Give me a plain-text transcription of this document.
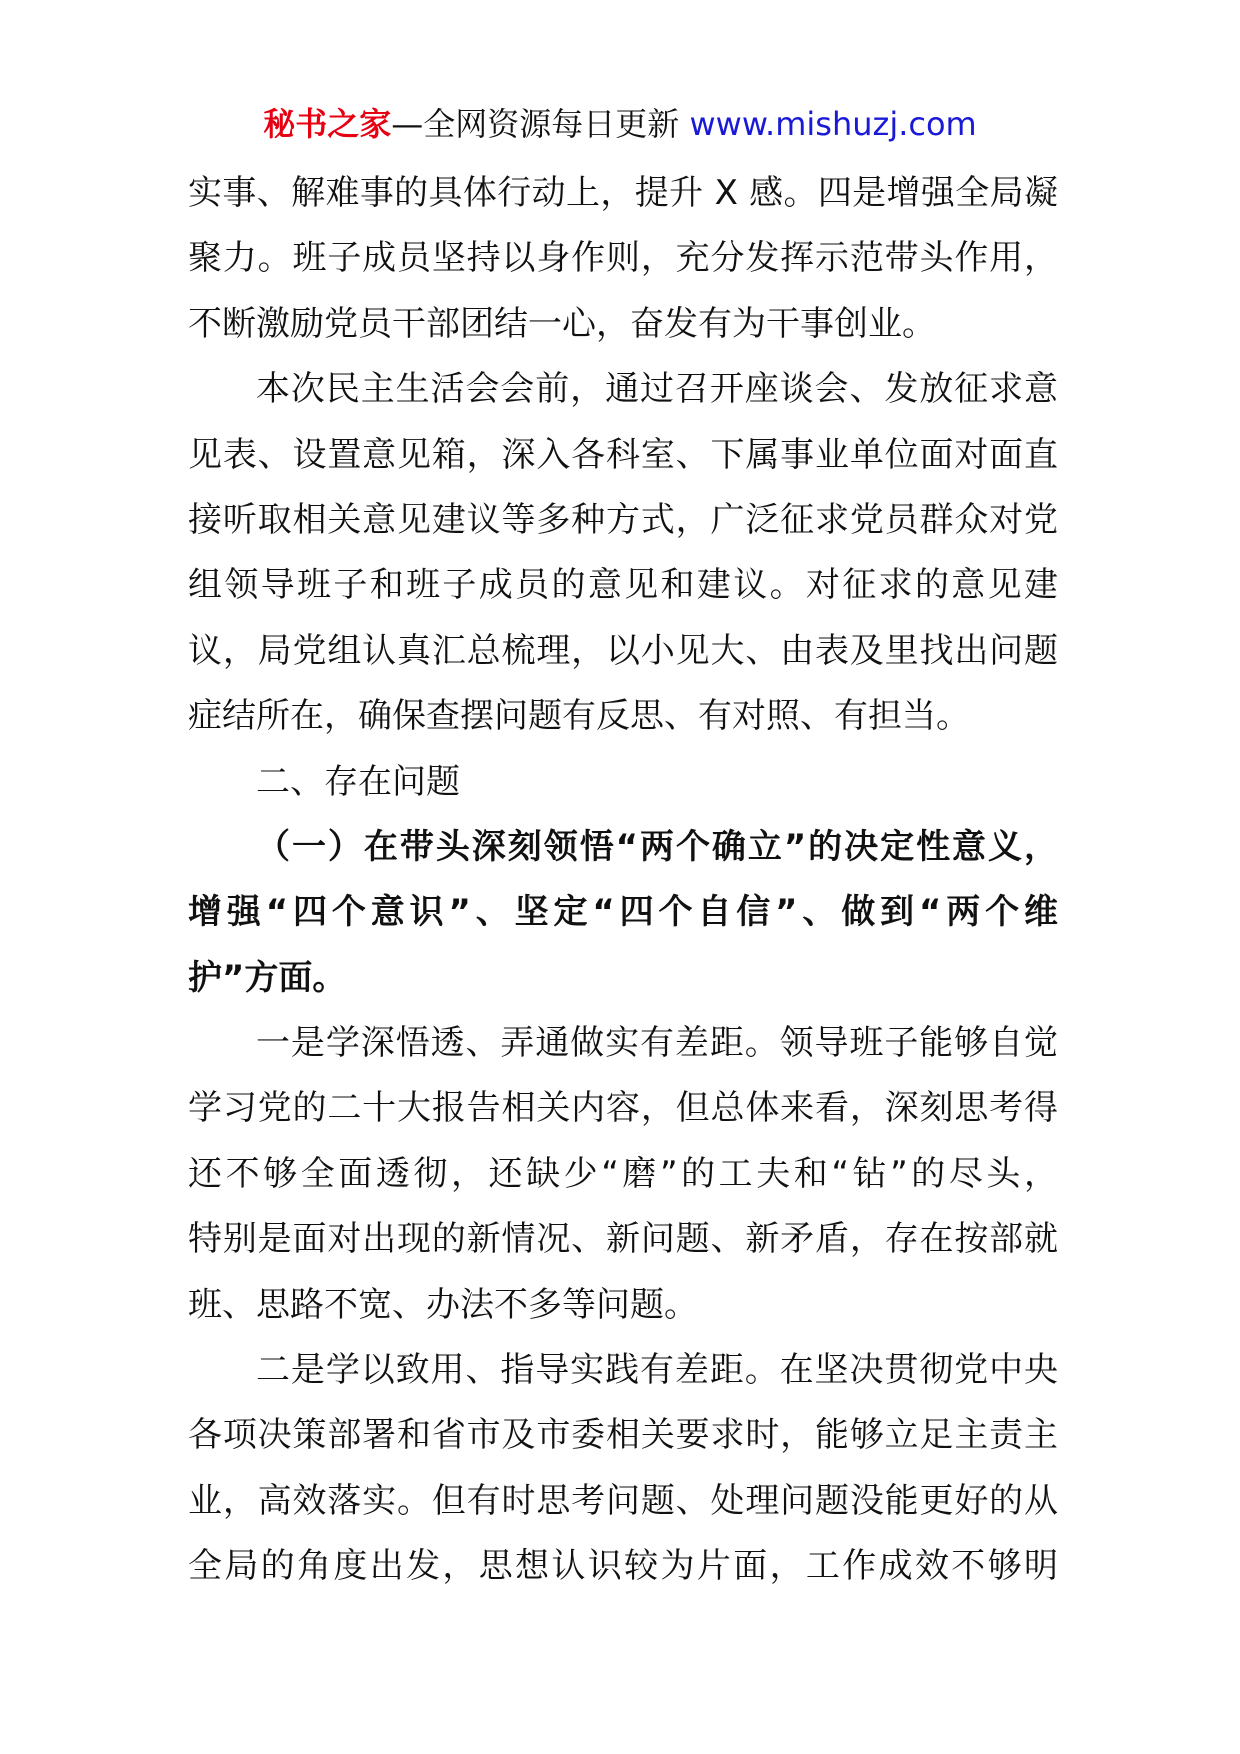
秘书之家—全网资源每日更新 www.mishuzj.com
实事、解难事的具体行动上，提升 X 感。四是增强全局凝
聚力。班子成员坚持以身作则，充分发挥示范带头作用，
不断激励党员干部团结一心，奋发有为干事创业。
本次民主生活会会前，通过召开座谈会、发放征求意
见表、设置意见箱，深入各科室、下属事业单位面对面直
接听取相关意见建议等多种方式，广泛征求党员群众对党
组领导班子和班子成员的意见和建议。对征求的意见建
议，局党组认真汇总梳理，以小见大、由表及里找出问题
症结所在，确保查摆问题有反思、有对照、有担当。
二、存在问题
（一）在带头深刻领悟“两个确立”的决定性意义，
增强“四个意识”、坚定“四个自信”、做到“两个维
护”方面。
一是学深悟透、弄通做实有差距。领导班子能够自觉
学习党的二十大报告相关内容，但总体来看，深刻思考得
还不够全面透彻，还缺少“磨”的工夫和“钻”的尽头，
特别是面对出现的新情况、新问题、新矛盾，存在按部就
班、思路不宽、办法不多等问题。
二是学以致用、指导实践有差距。在坚决贯彻党中央
各项决策部署和省市及市委相关要求时，能够立足主责主
业，高效落实。但有时思考问题、处理问题没能更好的从
全局的角度出发，思想认识较为片面，工作成效不够明
